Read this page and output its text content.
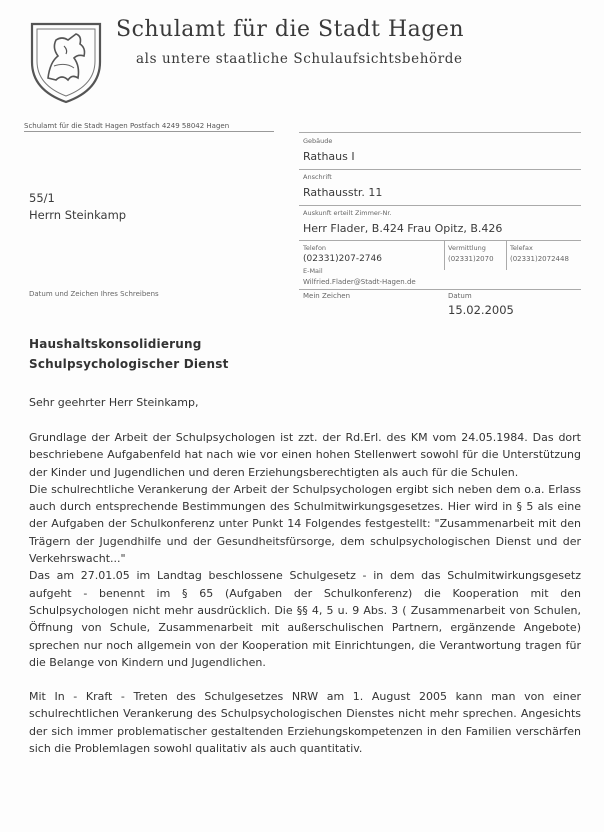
Schulamt für die Stadt Hagen
als untere staatliche Schulaufsichtsbehörde
Schulamt für die Stadt Hagen Postfach 4249 58042 Hagen
Gebäude
Rathaus I
Anschrift
Rathausstr. 11
Auskunft erteilt Zimmer-Nr.
Herr Flader, B.424 Frau Opitz, B.426
Telefon
(02331)207-2746
Vermittlung
(02331)2070
Telefax
(02331)2072448
E-Mail
Wilfried.Flader@Stadt-Hagen.de
Mein Zeichen	Datum
15.02.2005
55/1
Herrn Steinkamp
Datum und Zeichen Ihres Schreibens
Haushaltskonsolidierung
Schulpsychologischer Dienst
Sehr geehrter Herr Steinkamp,

Grundlage der Arbeit der Schulpsychologen ist zzt. der Rd.Erl. des KM vom 24.05.1984. Das dort beschriebene Aufgabenfeld hat nach wie vor einen hohen Stellenwert sowohl für die Unterstützung der Kinder und Jugendlichen und deren Erziehungsberechtigten als auch für die Schulen.

Die schulrechtliche Verankerung der Arbeit der Schulpsychologen ergibt sich neben dem o.a. Erlass auch durch entsprechende Bestimmungen des Schulmitwirkungsgesetzes. Hier wird in § 5 als eine der Aufgaben der Schulkonferenz unter Punkt 14 Folgendes festgestellt: "Zusammenarbeit mit den Trägern der Jugendhilfe und der Gesundheitsfürsorge, dem schulpsychologischen Dienst und der Verkehrswacht..."

Das am 27.01.05 im Landtag beschlossene Schulgesetz - in dem das Schulmitwirkungsgesetz aufgeht - benennt im § 65 (Aufgaben der Schulkonferenz) die Kooperation mit den Schulpsychologen nicht mehr ausdrücklich. Die §§ 4, 5 u. 9 Abs. 3 ( Zusammenarbeit von Schulen, Öffnung von Schule, Zusammenarbeit mit außerschulischen Partnern, ergänzende Angebote) sprechen nur noch allgemein von der Kooperation mit Einrichtungen, die Verantwortung tragen für die Belange von Kindern und Jugendlichen.

Mit In - Kraft - Treten des Schulgesetzes NRW am 1. August 2005 kann man von einer schulrechtlichen Verankerung des Schulpsychologischen Dienstes nicht mehr sprechen. Angesichts der sich immer problematischer gestaltenden Erziehungskompetenzen in den Familien verschärfen sich die Problemlagen sowohl qualitativ als auch quantitativ.
